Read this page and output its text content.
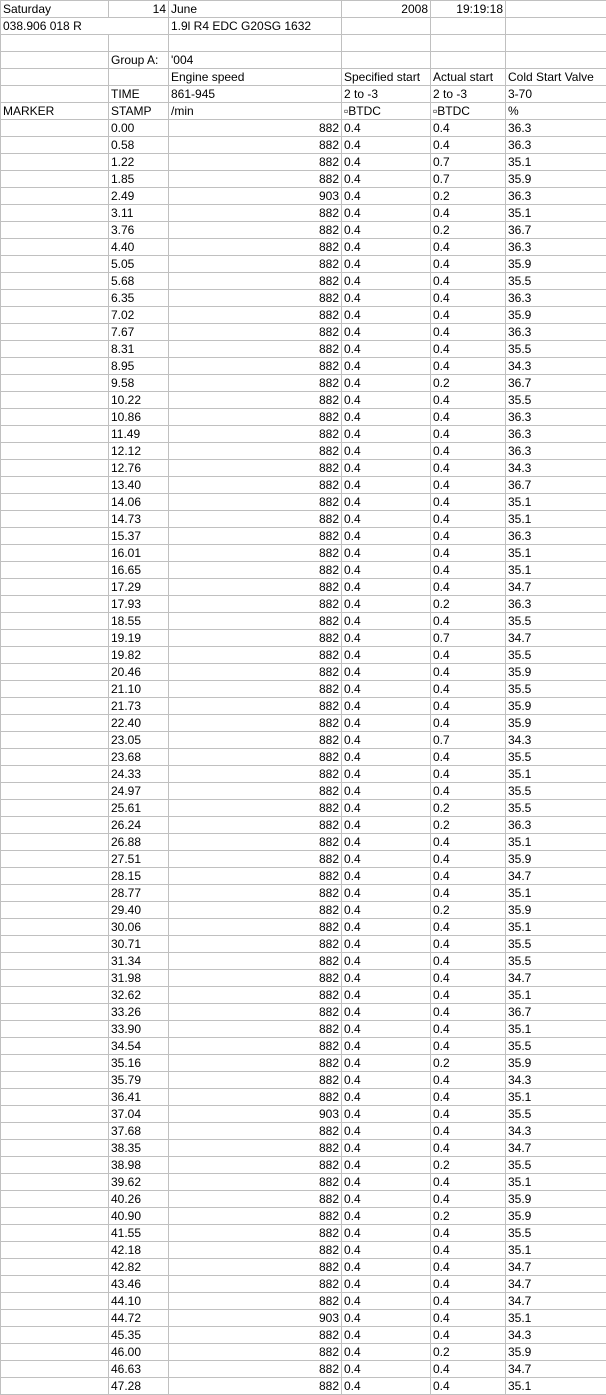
Saturday	14	June	2008	19:19:18	
038.906 018 R		1.9l R4 EDC G20SG 1632			

	Group A:	'004			
		Engine speed	Specified start	Actual start	Cold Start Valve
	TIME	861-945	2 to -3	2 to -3	3-70
MARKER	STAMP	/min	▫BTDC	▫BTDC	%
	0.00	882	0.4	0.4	36.3
	0.58	882	0.4	0.4	36.3
	1.22	882	0.4	0.7	35.1
	1.85	882	0.4	0.7	35.9
	2.49	903	0.4	0.2	36.3
	3.11	882	0.4	0.4	35.1
	3.76	882	0.4	0.2	36.7
	4.40	882	0.4	0.4	36.3
	5.05	882	0.4	0.4	35.9
	5.68	882	0.4	0.4	35.5
	6.35	882	0.4	0.4	36.3
	7.02	882	0.4	0.4	35.9
	7.67	882	0.4	0.4	36.3
	8.31	882	0.4	0.4	35.5
	8.95	882	0.4	0.4	34.3
	9.58	882	0.4	0.2	36.7
	10.22	882	0.4	0.4	35.5
	10.86	882	0.4	0.4	36.3
	11.49	882	0.4	0.4	36.3
	12.12	882	0.4	0.4	36.3
	12.76	882	0.4	0.4	34.3
	13.40	882	0.4	0.4	36.7
	14.06	882	0.4	0.4	35.1
	14.73	882	0.4	0.4	35.1
	15.37	882	0.4	0.4	36.3
	16.01	882	0.4	0.4	35.1
	16.65	882	0.4	0.4	35.1
	17.29	882	0.4	0.4	34.7
	17.93	882	0.4	0.2	36.3
	18.55	882	0.4	0.4	35.5
	19.19	882	0.4	0.7	34.7
	19.82	882	0.4	0.4	35.5
	20.46	882	0.4	0.4	35.9
	21.10	882	0.4	0.4	35.5
	21.73	882	0.4	0.4	35.9
	22.40	882	0.4	0.4	35.9
	23.05	882	0.4	0.7	34.3
	23.68	882	0.4	0.4	35.5
	24.33	882	0.4	0.4	35.1
	24.97	882	0.4	0.4	35.5
	25.61	882	0.4	0.2	35.5
	26.24	882	0.4	0.2	36.3
	26.88	882	0.4	0.4	35.1
	27.51	882	0.4	0.4	35.9
	28.15	882	0.4	0.4	34.7
	28.77	882	0.4	0.4	35.1
	29.40	882	0.4	0.2	35.9
	30.06	882	0.4	0.4	35.1
	30.71	882	0.4	0.4	35.5
	31.34	882	0.4	0.4	35.5
	31.98	882	0.4	0.4	34.7
	32.62	882	0.4	0.4	35.1
	33.26	882	0.4	0.4	36.7
	33.90	882	0.4	0.4	35.1
	34.54	882	0.4	0.4	35.5
	35.16	882	0.4	0.2	35.9
	35.79	882	0.4	0.4	34.3
	36.41	882	0.4	0.4	35.1
	37.04	903	0.4	0.4	35.5
	37.68	882	0.4	0.4	34.3
	38.35	882	0.4	0.4	34.7
	38.98	882	0.4	0.2	35.5
	39.62	882	0.4	0.4	35.1
	40.26	882	0.4	0.4	35.9
	40.90	882	0.4	0.2	35.9
	41.55	882	0.4	0.4	35.5
	42.18	882	0.4	0.4	35.1
	42.82	882	0.4	0.4	34.7
	43.46	882	0.4	0.4	34.7
	44.10	882	0.4	0.4	34.7
	44.72	903	0.4	0.4	35.1
	45.35	882	0.4	0.4	34.3
	46.00	882	0.4	0.2	35.9
	46.63	882	0.4	0.4	34.7
	47.28	882	0.4	0.4	35.1
